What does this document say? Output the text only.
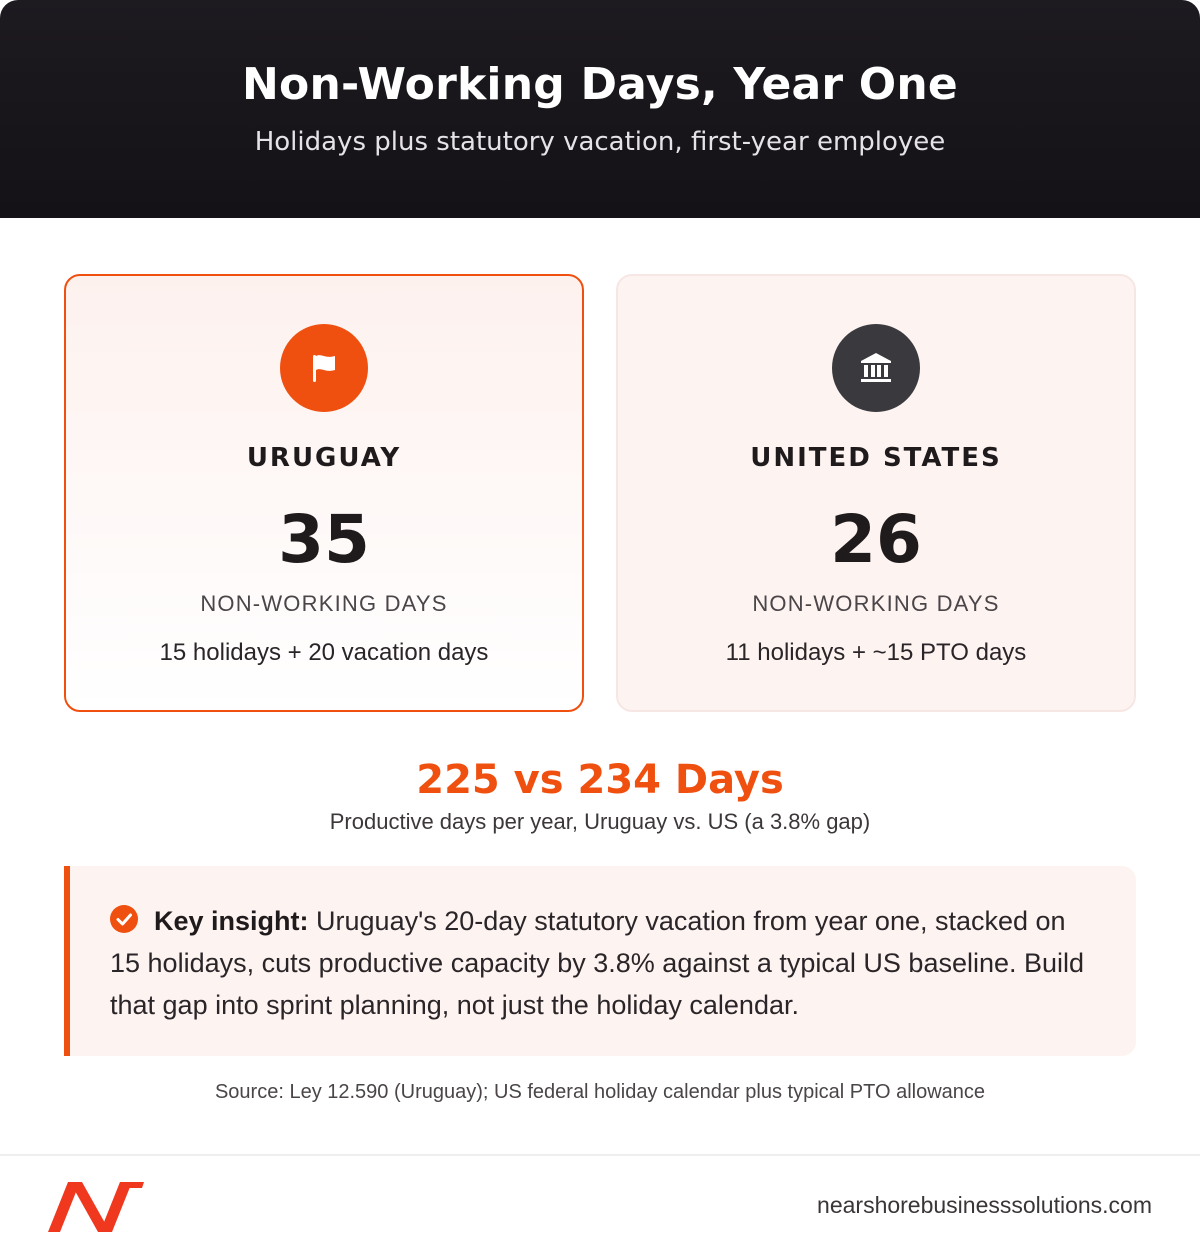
Non-Working Days, Year One
Holidays plus statutory vacation, first-year employee
URUGUAY
35
NON-WORKING DAYS
15 holidays + 20 vacation days
UNITED STATES
26
NON-WORKING DAYS
11 holidays + ~15 PTO days
225 vs 234 Days
Productive days per year, Uruguay vs. US (a 3.8% gap)
Key insight: Uruguay's 20-day statutory vacation from year one, stacked on 15 holidays, cuts productive capacity by 3.8% against a typical US baseline. Build that gap into sprint planning, not just the holiday calendar.
Source: Ley 12.590 (Uruguay); US federal holiday calendar plus typical PTO allowance
nearshorebusinesssolutions.com
